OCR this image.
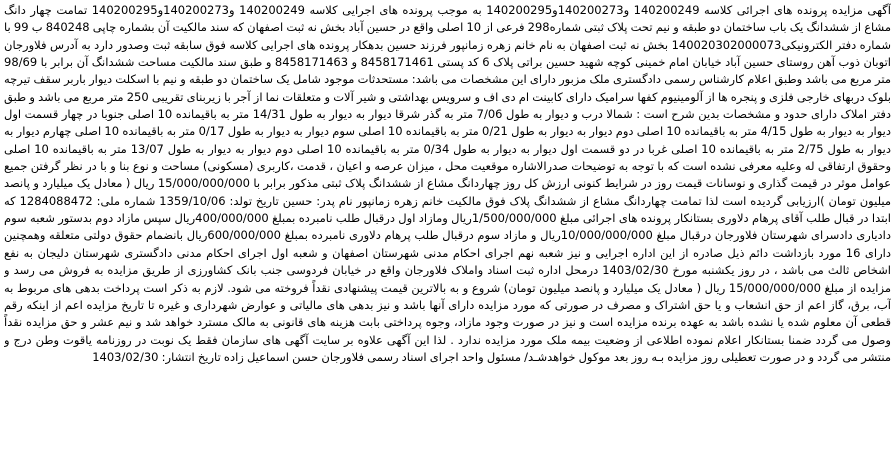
آگهی مزایده پرونده های اجرائی کلاسه 140200249 و140200273و140200295 به موجب پرونده های اجرایی کلاسه 140200249 و140200273و140200295 تمامت چهار دانگ مشاع از ششدانگ یک باب ساختمان دو طبقه و نیم تحت پلاک ثبتی شماره298 فرعی از 10 اصلی واقع در حسین آباد بخش نه ثبت اصفهان که سند مالکیت آن بشماره چاپی 840248 ب 99 با شماره دفتر الکترونیکی140020302000073 بخش نه ثبت اصفهان به نام خانم زهره زمانپور فرزند حسین بدهکار پرونده های اجرایی کلاسه فوق سابقه ثبت وصدور دارد به آدرس فلاورجان اتوبان ذوب آهن روستای حسین آباد خیابان امام خمینی کوچه شهید حسین براتی پلاک 6 کد پستی 8458171461 و 8458171463 و طبق سند مالکیت مساحت ششدانگ آن برابر با 98/69 متر مربع می باشد وطبق اعلام کارشناس رسمی دادگستری ملک مزبور دارای این مشخصات می باشد: مستحدثات موجود شامل یک ساختمان دو طبقه و نیم با اسکلت دیوار باربر سقف تیرچه بلوک دربهای خارجی فلزی و پنجره ها از آلومینیوم کفها سرامیک دارای کابینت ام دی اف و سرویس بهداشتی و شیر آلات و متعلقات نما از آجر با زیربنای تقریبی 250 متر مربع می باشد و طبق دفتر املاک دارای حدود و مشخصات بدین شرح است : شمالا درب و دیوار به طول 7/06 متر به گذر شرقا دیوار به دیوار به طول 14/31 متر به باقیمانده 10 اصلی جنوبا در چهار قسمت اول دیوار به دیوار به طول 4/15 متر به باقیمانده 10 اصلی دوم دیوار به دیوار به طول 0/21 متر به باقیمانده 10 اصلی سوم دیوار به دیوار به طول 0/17 متر به باقیمانده 10 اصلی چهارم دیوار به دیوار به طول 2/75 متر به باقیمانده 10 اصلی غربا در دو قسمت اول دیوار به دیوار به طول 0/34 متر به باقیمانده 10 اصلی دوم دیوار به دیوار به طول 13/07 متر به باقیمانده 10 اصلی وحقوق ارتفاقی له وعلیه معرفی نشده است که با توجه به توضیحات صدرالاشاره موقعیت محل ، میزان عرصه و اعیان ، قدمت ،کاربری (مسکونی) مساحت و نوع بنا و با در نظر گرفتن جمیع عوامل موثر در قیمت گذاری و نوسانات قیمت روز در شرایط کنونی ارزش کل روز چهاردانگ مشاع از ششدانگ پلاک ثبتی مذکور برابر با 15/000/000/000 ریال ( معادل یک میلیارد و پانصد میلیون تومان )ارزیابی گردیده است لذا تمامت چهاردانگ مشاع از ششدانگ پلاک فوق مالکیت خانم زهره زمانپور نام پدر: حسین تاریخ تولد: 1359/10/06 شماره ملی: 1284088472 که ابتدا در قبال طلب آقای پرهام دلاوری بستانکار پرونده های اجرائی مبلغ 1/500/000/000ریال ومازاد اول درقبال طلب نامبرده بمبلغ 400/000/000ریال سپس مازاد دوم بدستور شعبه سوم دادیاری دادسرای شهرستان فلاورجان درقبال مبلغ 10/000/000/000ریال و مازاد سوم درقبال طلب پرهام دلاوری نامبرده بمبلغ 600/000/000ریال بانضمام حقوق دولتی متعلقه وهمچنین دارای 16 مورد بازداشت دائم ذیل صادره از این اداره اجرایی و نیز شعبه نهم اجرای احکام مدنی شهرستان اصفهان و شعبه اول اجرای احکام مدنی دادگستری شهرستان دلیجان به نفع اشخاص ثالث می باشد ، در روز یکشنبه مورخ 1403/02/30 درمحل اداره ثبت اسناد واملاک فلاورجان واقع در خیابان فردوسی جنب بانک کشاورزی از طریق مزایده به فروش می رسد و مزایده از مبلغ 15/000/000/000 ریال ( معادل یک میلیارد و پانصد میلیون تومان) شروع و به بالاترین قیمت پیشنهادی نقداً فروخته می شود. لازم به ذکر است پرداخت بدهی های مربوط به آب، برق، گاز اعم از حق انشعاب و یا حق اشتراک و مصرف در صورتی که مورد مزایده دارای آنها باشد و نیز بدهی های مالیاتی و عوارض شهرداری و غیره تا تاریخ مزایده اعم از اینکه رقم قطعی آن معلوم شده یا نشده باشد به عهده برنده مزایده است و نیز در صورت وجود مازاد، وجوه پرداختی بابت هزینه های قانونی به مالک مسترد خواهد شد و نیم عشر و حق مزایده نقداً وصول می گردد ضمنا بستانکار اعلام نموده اطلاعی از وضعیت بیمه ملک مورد مزایده ندارد . لذا این آگهی علاوه بر سایت آگهی های سازمان فقط یک نوبت در روزنامه یاقوت وطن درج و منتشر می گردد و در صورت تعطیلی روز مزایده بـه روز بعد موکول خواهدشـد/ مسئول واحد اجرای اسناد رسمی فلاورجان حسن اسماعیل زاده تاریخ انتشار: 1403/02/30
